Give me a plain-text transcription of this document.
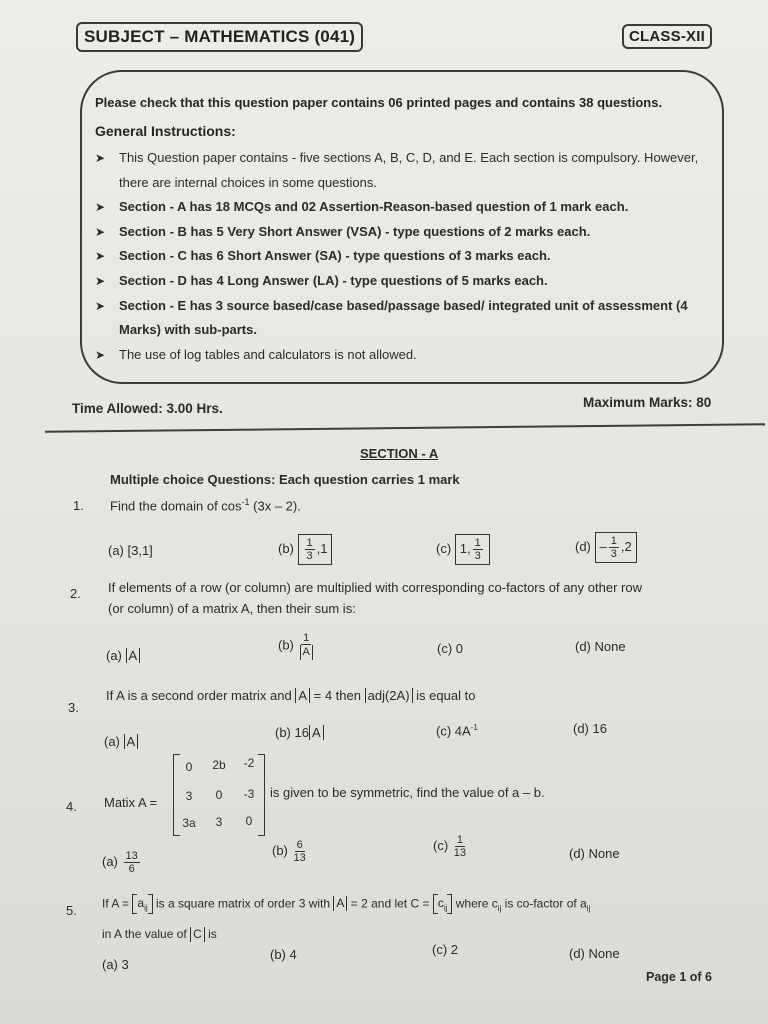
SUBJECT – MATHEMATICS (041)	CLASS-XII
Please check that this question paper contains 06 printed pages and contains 38 questions.
General Instructions:
➤ This Question paper contains - five sections A, B, C, D, and E. Each section is compulsory. However, there are internal choices in some questions.
➤ Section - A has 18 MCQs and 02 Assertion-Reason-based question of 1 mark each.
➤ Section - B has 5 Very Short Answer (VSA) - type questions of 2 marks each.
➤ Section - C has 6 Short Answer (SA) - type questions of 3 marks each.
➤ Section - D has 4 Long Answer (LA) - type questions of 5 marks each.
➤ Section - E has 3 source based/case based/passage based/ integrated unit of assessment (4 Marks) with sub-parts.
➤ The use of log tables and calculators is not allowed.
Time Allowed: 3.00 Hrs.	Maximum Marks: 80
SECTION - A
Multiple choice Questions: Each question carries 1 mark
1. Find the domain of $\cos^{-1} (3x - 2)$.
(a) [3,1]	$(b) \frac{1}{3} ,1$	(c) 1, $\frac{1}{3}$	$(d) - \frac{1}{3} ,2$
2. If elements of a row (or column) are multiplied with corresponding co-factors of any other row
(or column) of a matrix A, then their sum is:
(a) A
$(b) \frac{1}{A}$	(c) 0	(d) None
3.
If A is a second order matrix and A = 4 then adj(2A) is equal to
(a) A
(b) 16 A	(c) $4A^{-1}$	(d) 16
4. Matix A =
0	2b	-2
3	0	-3
3a	3	0
is given to be symmetric, find the value of a – b.
$(a) \frac{13}{6}$	$(b) \frac{6}{13}$	$(c) \frac{1}{13}$	(d) None
5. If $A = a_{ij}$ is a square matrix of order 3 with A = 2 and let $C = c_{ij}$ where $c_{ij}$ is co-factor of $a_{ij}$
in A the value of C is
(a) 3
(b) 4	(c) 2	(d) None
Page 1 of 6
